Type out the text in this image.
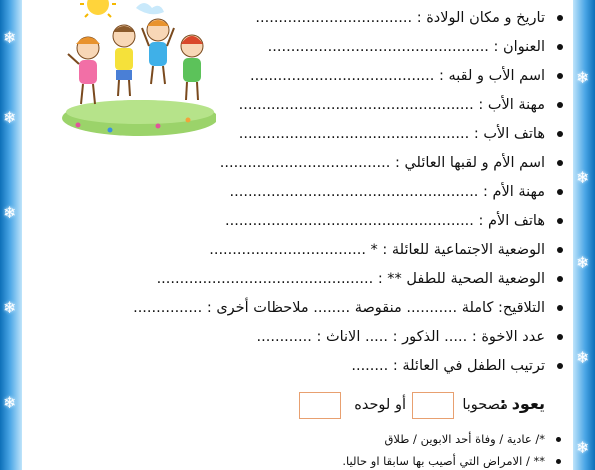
❄
❄
❄
❄
❄
❄
❄
❄
❄
❄
تاريخ و مكان الولادة : ..................................
العنوان : ................................................
اسم الأب و لقبه : ........................................
مهنة الأب : ...................................................
هاتف الأب : ..................................................
اسم الأم و لقبها العائلي : .....................................
مهنة الأم : ......................................................
هاتف الأم : ......................................................
الوضعية الاجتماعية للعائلة : * ..................................
الوضعية الصحية للطفل ** : ...............................................
التلاقيح: كاملة ........... منقوصة ........ ملاحظات أخرى : ...............
عدد الاخوة : ..... الذكور : ..... الاناث : ............
ترتيب الطفل في العائلة : ........
يعود :
مصحوبا
أو لوحده
*/ عادية / وفاة أحد الابوين / طلاق
** / الامراض التي أصيب بها سابقا او حاليا.
